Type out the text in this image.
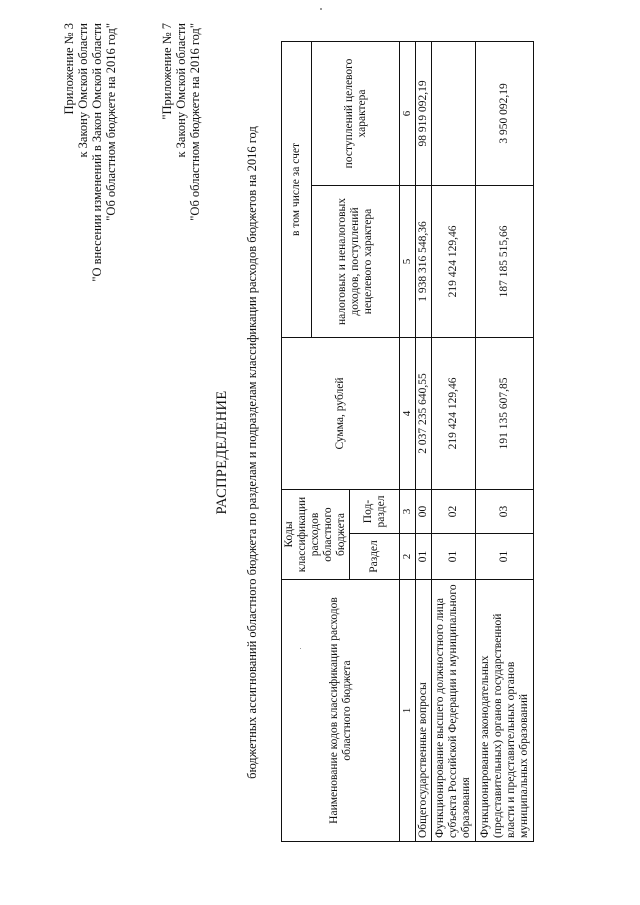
Приложение № 3 к Закону Омской области "О внесении изменений в Закон Омской области "Об областном бюджете на 2016 год"	"Приложение № 7 к Закону Омской области "Об областном бюджете на 2016 год"
РАСПРЕДЕЛЕНИЕ бюджетных ассигнований областного бюджета по разделам и подразделам классификации расходов бюджетов на 2016 год	Наименование кодов классификации расходов областного бюджета	Коды классификации расходов областного бюджета		Сумма, рублей	в том числе за счет	
				налоговых и неналоговых доходов, поступлений нецелевого характера	поступлений целевого характера
	Раздел	Под-раздел			
1	2	3	4	5	6
Общегосударственные вопросы	01	00	2 037 235 640,55	1 938 316 548,36	98 919 092,19
Функционирование высшего должностного лица субъекта Российской Федерации и муниципального образования	01	02	219 424 129,46	219 424 129,46	
Функционирование законодательных (представительных) органов государственной власти и представительных органов муниципальных образований	01	03	191 135 607,85	187 185 515,66	3 950 092,19
